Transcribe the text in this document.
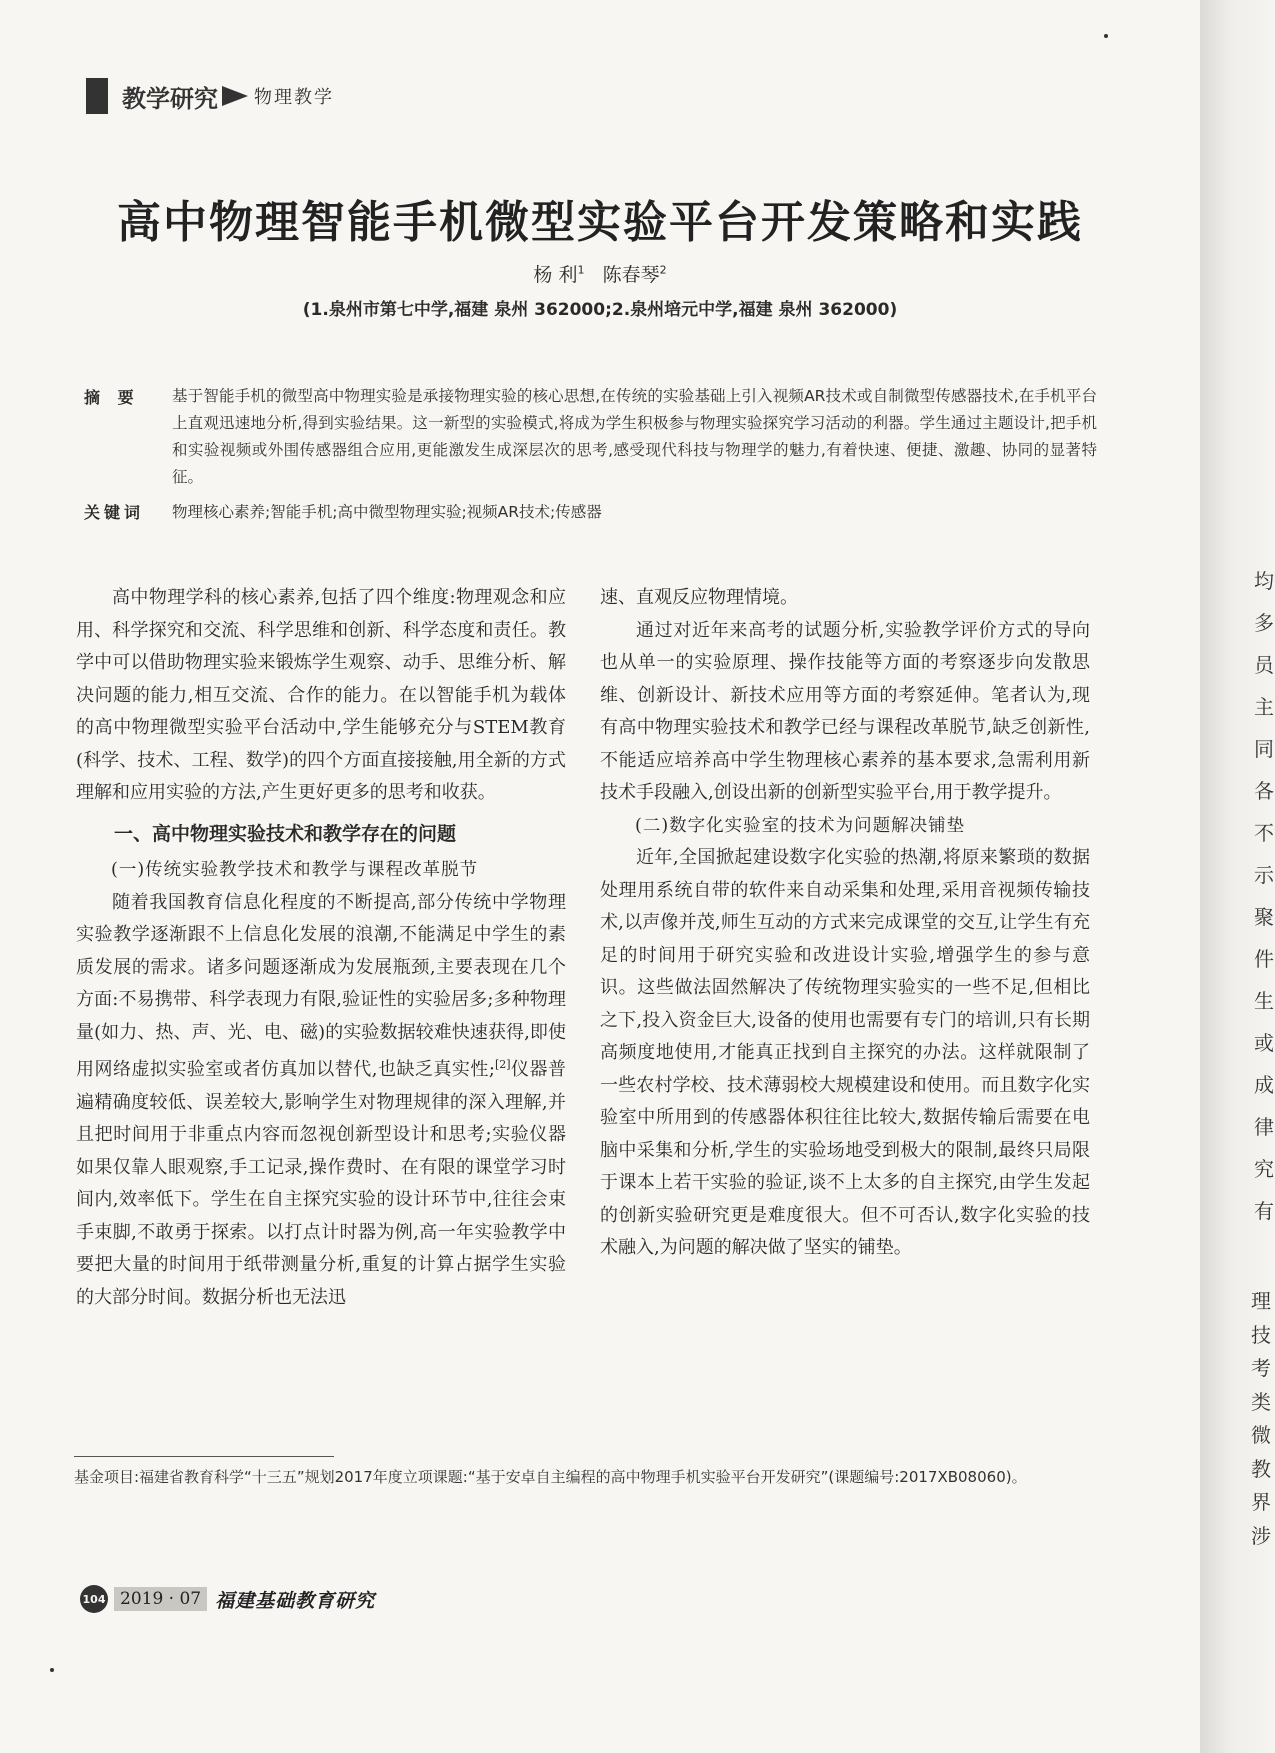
教学研究 物理教学
高中物理智能手机微型实验平台开发策略和实践
杨 利$^1$ 陈春琴$^2$
(1.泉州市第七中学,福建 泉州 362000;2.泉州培元中学,福建 泉州 362000)
摘 要 基于智能手机的微型高中物理实验是承接物理实验的核心思想,在传统的实验基础上引入视频AR技术或自制微型传感器技术,在手机平台上直观迅速地分析,得到实验结果。这一新型的实验模式,将成为学生积极参与物理实验探究学习活动的利器。学生通过主题设计,把手机和实验视频或外围传感器组合应用,更能激发生成深层次的思考,感受现代科技与物理学的魅力,有着快速、便捷、激趣、协同的显著特征。
关键词 物理核心素养;智能手机;高中微型物理实验;视频AR技术;传感器

高中物理学科的核心素养,包括了四个维度:物理观念和应用、科学探究和交流、科学思维和创新、科学态度和责任。教学中可以借助物理实验来锻炼学生观察、动手、思维分析、解决问题的能力,相互交流、合作的能力。在以智能手机为载体的高中物理微型实验平台活动中,学生能够充分与STEM教育(科学、技术、工程、数学)的四个方面直接接触,用全新的方式理解和应用实验的方法,产生更好更多的思考和收获。

一、高中物理实验技术和教学存在的问题
(一)传统实验教学技术和教学与课程改革脱节

随着我国教育信息化程度的不断提高,部分传统中学物理实验教学逐渐跟不上信息化发展的浪潮,不能满足中学生的素质发展的需求。诸多问题逐渐成为发展瓶颈,主要表现在几个方面:不易携带、科学表现力有限,验证性的实验居多;多种物理量(如力、热、声、光、电、磁)的实验数据较难快速获得,即使用网络虚拟实验室或者仿真加以替代,也缺乏真实性;[2]仪器普遍精确度较低、误差较大,影响学生对物理规律的深入理解,并且把时间用于非重点内容而忽视创新型设计和思考;实验仪器如果仅靠人眼观察,手工记录,操作费时、在有限的课堂学习时间内,效率低下。学生在自主探究实验的设计环节中,往往会束手束脚,不敢勇于探索。以打点计时器为例,高一年实验教学中要把大量的时间用于纸带测量分析,重复的计算占据学生实验的大部分时间。数据分析也无法迅

速、直观反应物理情境。

通过对近年来高考的试题分析,实验教学评价方式的导向也从单一的实验原理、操作技能等方面的考察逐步向发散思维、创新设计、新技术应用等方面的考察延伸。笔者认为,现有高中物理实验技术和教学已经与课程改革脱节,缺乏创新性,不能适应培养高中学生物理核心素养的基本要求,急需利用新技术手段融入,创设出新的创新型实验平台,用于教学提升。

(二)数字化实验室的技术为问题解决铺垫

近年,全国掀起建设数字化实验的热潮,将原来繁琐的数据处理用系统自带的软件来自动采集和处理,采用音视频传输技术,以声像并茂,师生互动的方式来完成课堂的交互,让学生有充足的时间用于研究实验和改进设计实验,增强学生的参与意识。这些做法固然解决了传统物理实验实的一些不足,但相比之下,投入资金巨大,设备的使用也需要有专门的培训,只有长期高频度地使用,才能真正找到自主探究的办法。这样就限制了一些农村学校、技术薄弱校大规模建设和使用。而且数字化实验室中所用到的传感器体积往往比较大,数据传输后需要在电脑中采集和分析,学生的实验场地受到极大的限制,最终只局限于课本上若干实验的验证,谈不上太多的自主探究,由学生发起的创新实验研究更是难度很大。但不可否认,数字化实验的技术融入,为问题的解决做了坚实的铺垫。

基金项目:福建省教育科学“十三五”规划2017年度立项课题:“基于安卓自主编程的高中物理手机实验平台开发研究”(课题编号:2017XB08060)。
104 2019 · 07 福建基础教育研究
均
多
员
主
同
各
不
示
聚
件
生
或
成
律
究
有
理
技
考
类
微
教
界
涉
